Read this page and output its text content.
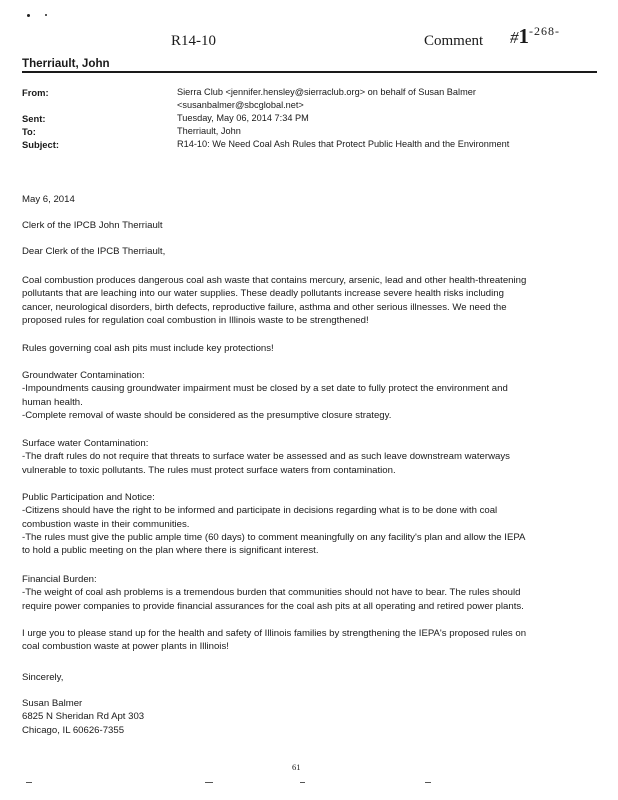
R14-10	Comment $\#1^{-268-}$
Therriault, John
From:	Sierra Club <jennifer.hensley@sierraclub.org> on behalf of Susan Balmer
<susanbalmer@sbcglobal.net>
Sent:	Tuesday, May 06, 2014 7:34 PM
To:	Therriault, John
Subject:	R14-10: We Need Coal Ash Rules that Protect Public Health and the Environment
May 6, 2014
Clerk of the IPCB John Therriault
Dear Clerk of the IPCB Therriault,
Coal combustion produces dangerous coal ash waste that contains mercury, arsenic, lead and other health-threatening
pollutants that are leaching into our water supplies. These deadly pollutants increase severe health risks including
cancer, neurological disorders, birth defects, reproductive failure, asthma and other serious illnesses. We need the
proposed rules for regulation coal combustion in Illinois waste to be strengthened!
Rules governing coal ash pits must include key protections!
Groundwater Contamination:
-Impoundments causing groundwater impairment must be closed by a set date to fully protect the environment and
human health.
-Complete removal of waste should be considered as the presumptive closure strategy.
Surface water Contamination:
-The draft rules do not require that threats to surface water be assessed and as such leave downstream waterways
vulnerable to toxic pollutants. The rules must protect surface waters from contamination.
Public Participation and Notice:
-Citizens should have the right to be informed and participate in decisions regarding what is to be done with coal
combustion waste in their communities.
-The rules must give the public ample time (60 days) to comment meaningfully on any facility's plan and allow the IEPA
to hold a public meeting on the plan where there is significant interest.
Financial Burden:
-The weight of coal ash problems is a tremendous burden that communities should not have to bear. The rules should
require power companies to provide financial assurances for the coal ash pits at all operating and retired power plants.
I urge you to please stand up for the health and safety of Illinois families by strengthening the IEPA's proposed rules on
coal combustion waste at power plants in Illinois!
Sincerely,
Susan Balmer
6825 N Sheridan Rd Apt 303
Chicago, IL 60626-7355
61
